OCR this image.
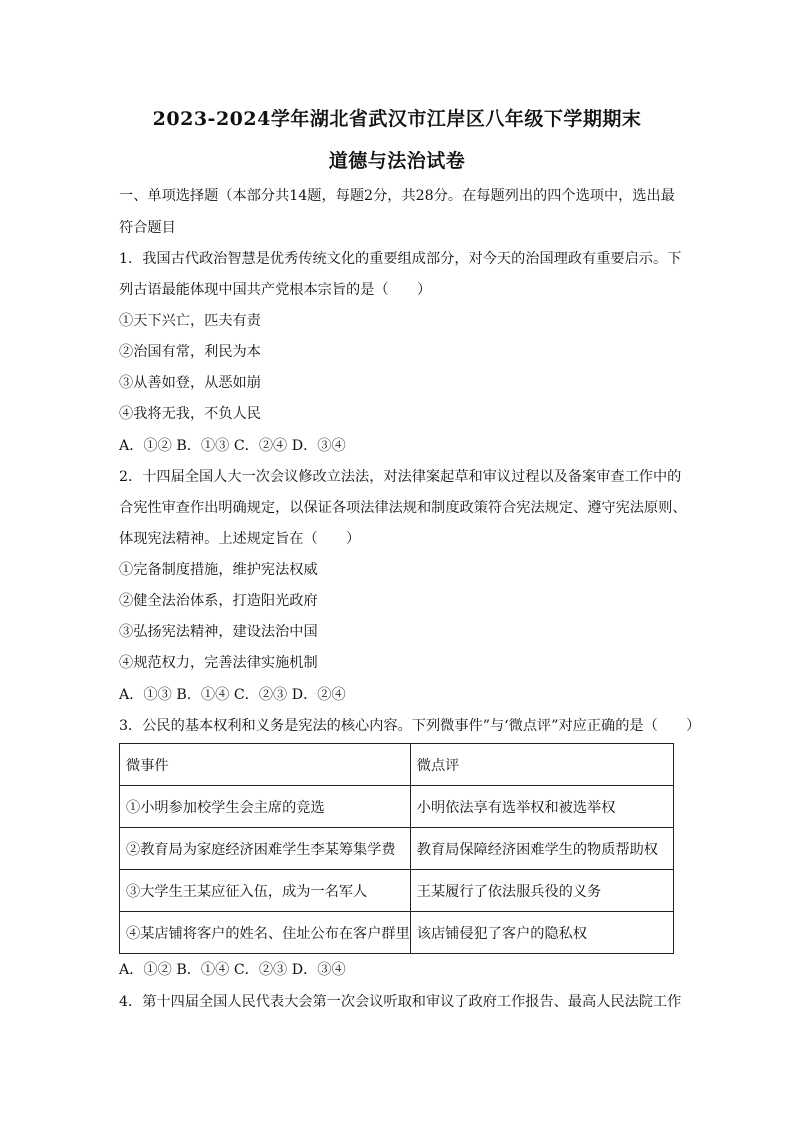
2023-2024学年湖北省武汉市江岸区八年级下学期期末
道德与法治试卷
一、单项选择题（本部分共14题，每题2分，共28分。在每题列出的四个选项中，选出最
符合题目
1．我国古代政治智慧是优秀传统文化的重要组成部分，对今天的治国理政有重要启示。下
列古语最能体现中国共产党根本宗旨的是（　　）
①天下兴亡，匹夫有责
②治国有常，利民为本
③从善如登，从恶如崩
④我将无我，不负人民
A．①② B．①③ C．②④ D．③④
2．十四届全国人大一次会议修改立法法，对法律案起草和审议过程以及备案审查工作中的
合宪性审查作出明确规定，以保证各项法律法规和制度政策符合宪法规定、遵守宪法原则、
体现宪法精神。上述规定旨在（　　）
①完备制度措施，维护宪法权威
②健全法治体系，打造阳光政府
③弘扬宪法精神，建设法治中国
④规范权力，完善法律实施机制
A．①③ B．①④ C．②③ D．②④
3．公民的基本权利和义务是宪法的核心内容。下列微事件”与‘微点评”对应正确的是（　　）
微事件	微点评
①小明参加校学生会主席的竞选	小明依法享有选举权和被选举权
②教育局为家庭经济困难学生李某筹集学费	教育局保障经济困难学生的物质帮助权
③大学生王某应征入伍，成为一名军人	王某履行了依法服兵役的义务
④某店铺将客户的姓名、住址公布在客户群里	该店铺侵犯了客户的隐私权
A．①② B．①④ C．②③ D．③④
4．第十四届全国人民代表大会第一次会议听取和审议了政府工作报告、最高人民法院工作
